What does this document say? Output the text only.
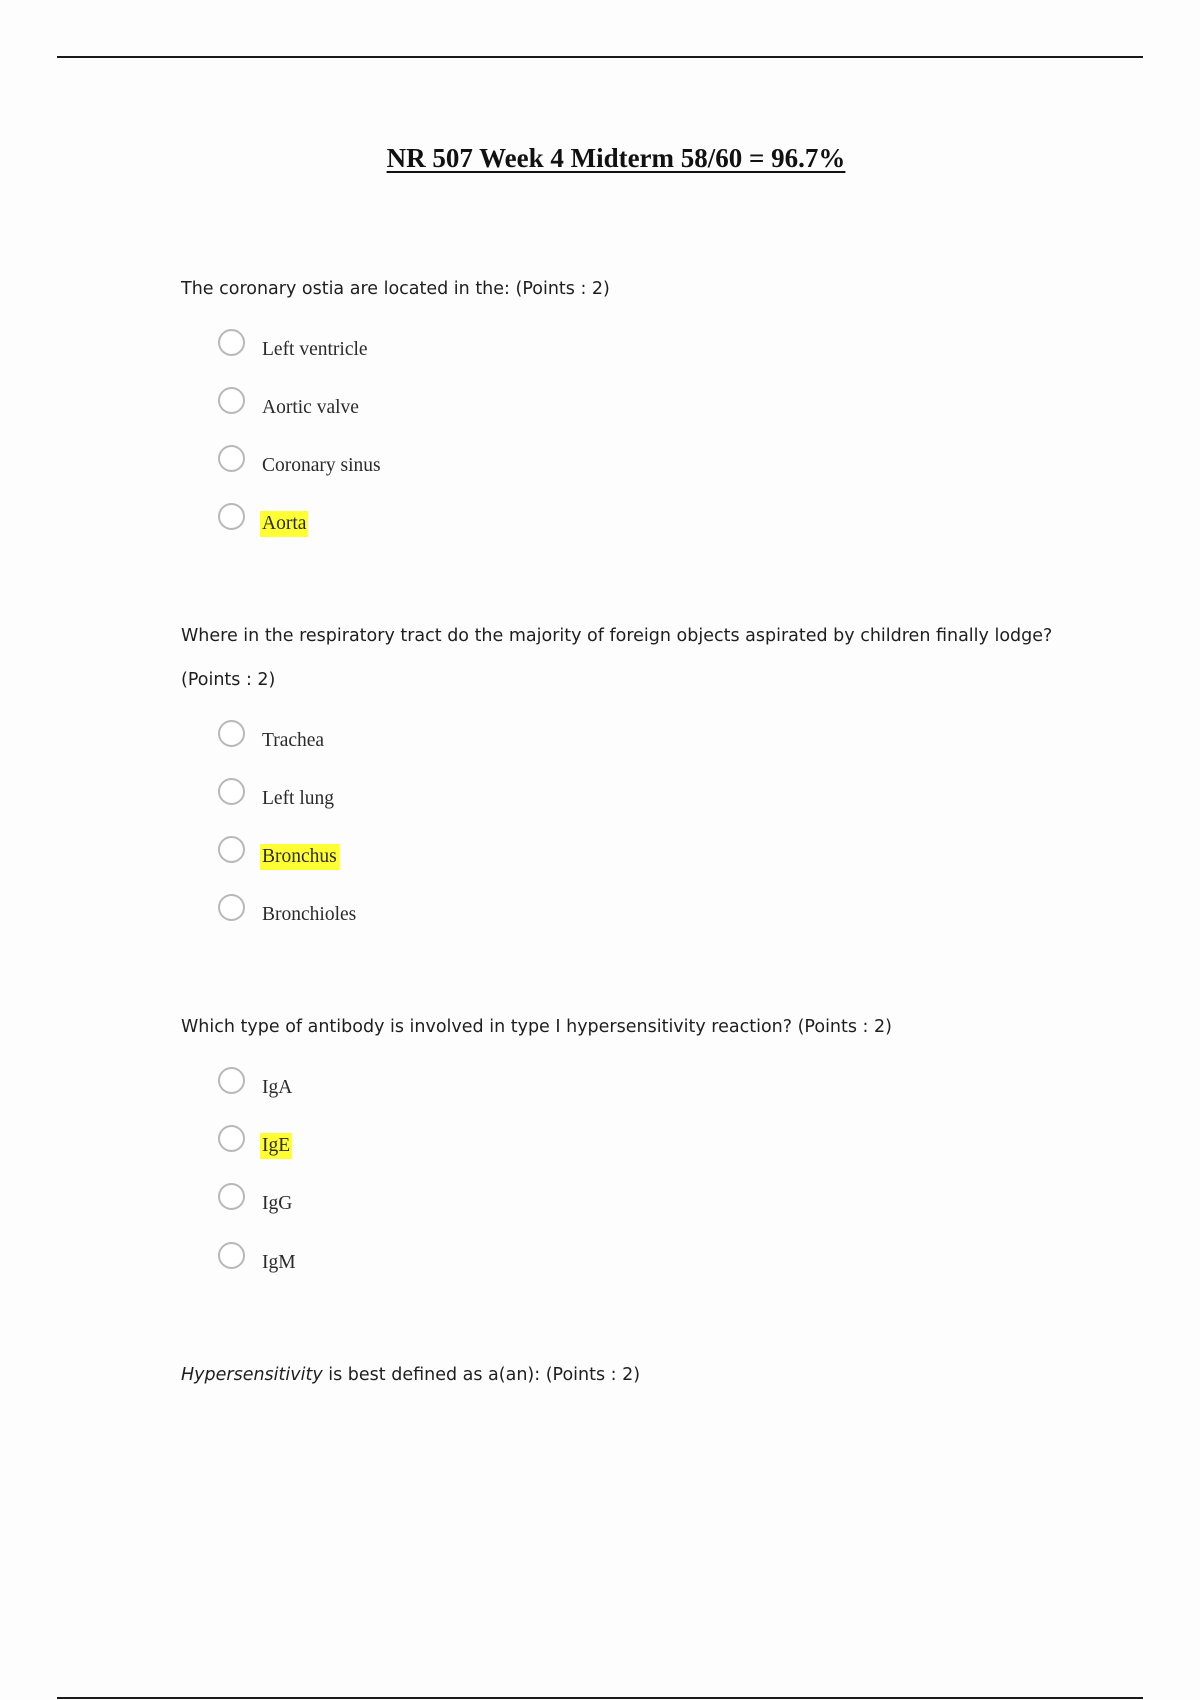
NR 507 Week 4 Midterm 58/60 = 96.7%
The coronary ostia are located in the: (Points : 2)
Left ventricle
Aortic valve
Coronary sinus
Aorta
Where in the respiratory tract do the majority of foreign objects aspirated by children finally lodge? (Points : 2)
Trachea
Left lung
Bronchus
Bronchioles
Which type of antibody is involved in type I hypersensitivity reaction? (Points : 2)
IgA
IgE
IgG
IgM
Hypersensitivity is best defined as a(an): (Points : 2)
